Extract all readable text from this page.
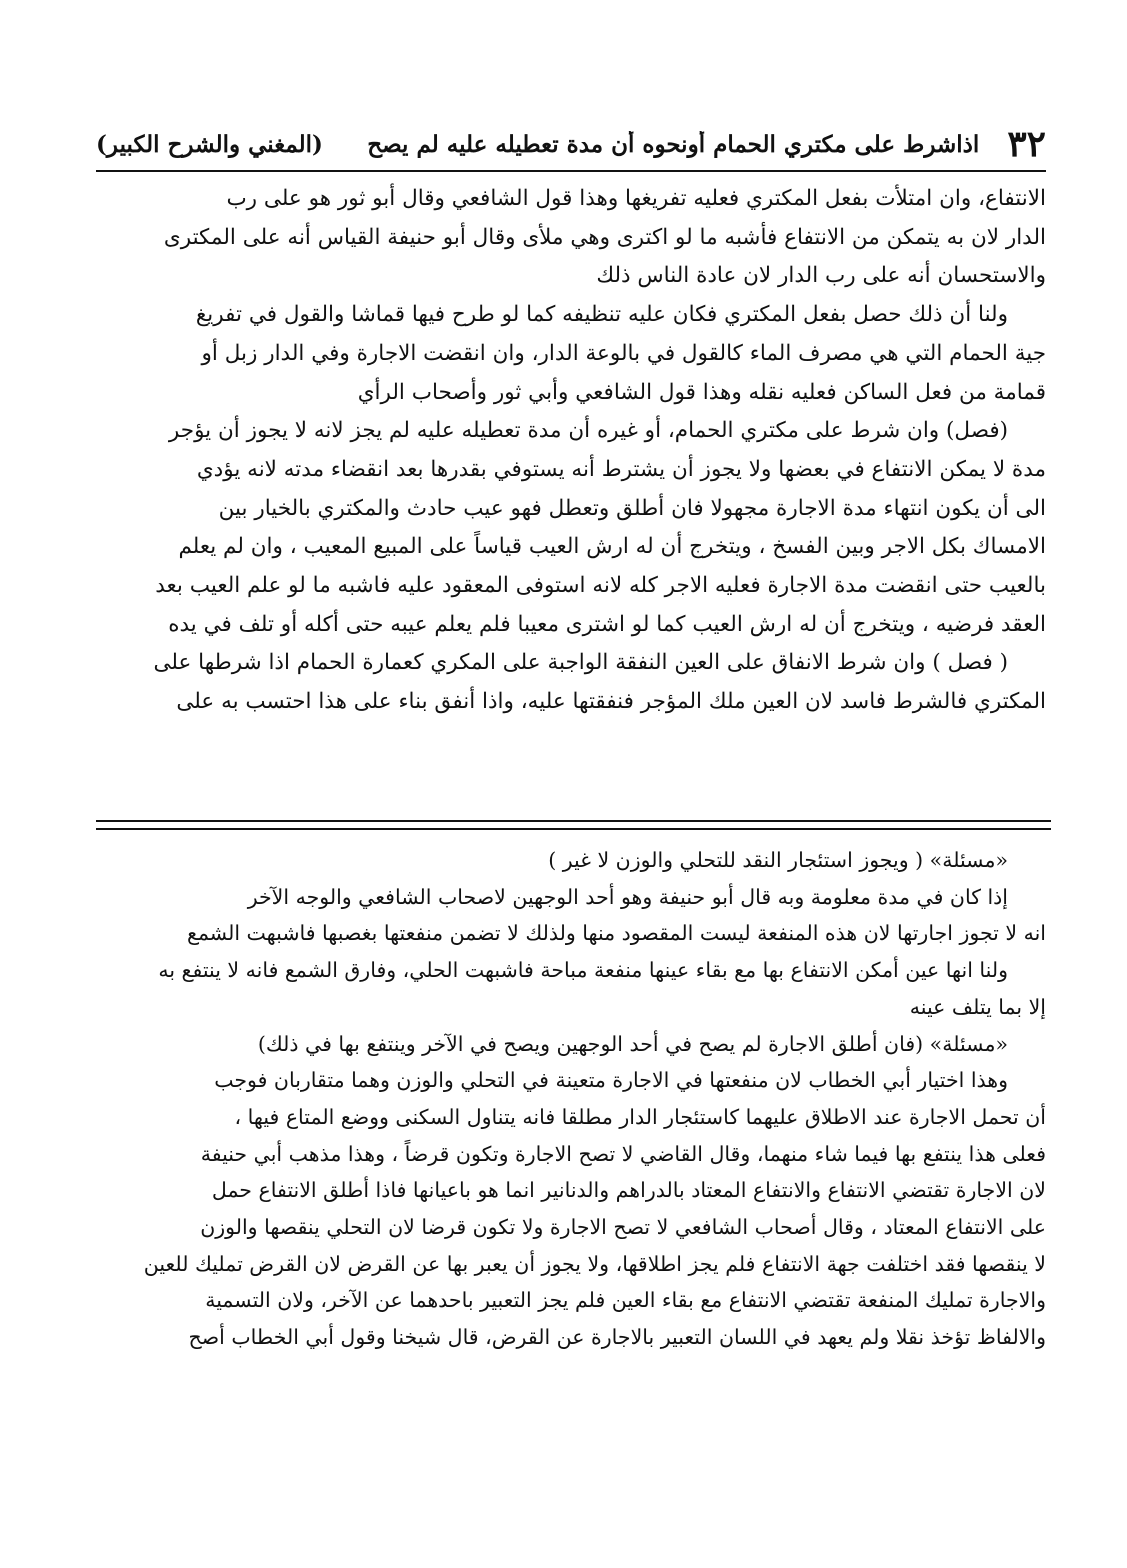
٣٢
اذاشرط على مكتري الحمام أونحوه أن مدة تعطيله عليه لم يصح
(المغني والشرح الكبير)
الانتفاع، وان امتلأت بفعل المكتري فعليه تفريغها وهذا قول الشافعي وقال أبو ثور هو على رب
الدار لان به يتمكن من الانتفاع فأشبه ما لو اكترى وهي ملأى وقال أبو حنيفة القياس أنه على المكترى
والاستحسان أنه على رب الدار لان عادة الناس ذلك
ولنا أن ذلك حصل بفعل المكتري فكان عليه تنظيفه كما لو طرح فيها قماشا والقول في تفريغ
جية الحمام التي هي مصرف الماء كالقول في بالوعة الدار، وان انقضت الاجارة وفي الدار زبل أو
قمامة من فعل الساكن فعليه نقله وهذا قول الشافعي وأبي ثور وأصحاب الرأي
(فصل) وان شرط على مكتري الحمام، أو غيره أن مدة تعطيله عليه لم يجز لانه لا يجوز أن يؤجر
مدة لا يمكن الانتفاع في بعضها ولا يجوز أن يشترط أنه يستوفي بقدرها بعد انقضاء مدته لانه يؤدي
الى أن يكون انتهاء مدة الاجارة مجهولا فان أطلق وتعطل فهو عيب حادث والمكتري بالخيار بين
الامساك بكل الاجر وبين الفسخ ، ويتخرج أن له ارش العيب قياساً على المبيع المعيب ، وان لم يعلم
بالعيب حتى انقضت مدة الاجارة فعليه الاجر كله لانه استوفى المعقود عليه فاشبه ما لو علم العيب بعد
العقد فرضيه ، ويتخرج أن له ارش العيب كما لو اشترى معيبا فلم يعلم عيبه حتى أكله أو تلف في يده
( فصل ) وان شرط الانفاق على العين النفقة الواجبة على المكري كعمارة الحمام اذا شرطها على
المكتري فالشرط فاسد لان العين ملك المؤجر فنفقتها عليه، واذا أنفق بناء على هذا احتسب به على
«مسئلة» ( ويجوز استئجار النقد للتحلي والوزن لا غير )
إذا كان في مدة معلومة وبه قال أبو حنيفة وهو أحد الوجهين لاصحاب الشافعي والوجه الآخر
انه لا تجوز اجارتها لان هذه المنفعة ليست المقصود منها ولذلك لا تضمن منفعتها بغصبها فاشبهت الشمع
ولنا انها عين أمكن الانتفاع بها مع بقاء عينها منفعة مباحة فاشبهت الحلي، وفارق الشمع فانه لا ينتفع به
إلا بما يتلف عينه
«مسئلة» (فان أطلق الاجارة لم يصح في أحد الوجهين ويصح في الآخر وينتفع بها في ذلك)
وهذا اختيار أبي الخطاب لان منفعتها في الاجارة متعينة في التحلي والوزن وهما متقاربان فوجب
أن تحمل الاجارة عند الاطلاق عليهما كاستئجار الدار مطلقا فانه يتناول السكنى ووضع المتاع فيها ،
فعلى هذا ينتفع بها فيما شاء منهما، وقال القاضي لا تصح الاجارة وتكون قرضاً ، وهذا مذهب أبي حنيفة
لان الاجارة تقتضي الانتفاع والانتفاع المعتاد بالدراهم والدنانير انما هو باعيانها فاذا أطلق الانتفاع حمل
على الانتفاع المعتاد ، وقال أصحاب الشافعي لا تصح الاجارة ولا تكون قرضا لان التحلي ينقصها والوزن
لا ينقصها فقد اختلفت جهة الانتفاع فلم يجز اطلاقها، ولا يجوز أن يعبر بها عن القرض لان القرض تمليك للعين
والاجارة تمليك المنفعة تقتضي الانتفاع مع بقاء العين فلم يجز التعبير باحدهما عن الآخر، ولان التسمية
والالفاظ تؤخذ نقلا ولم يعهد في اللسان التعبير بالاجارة عن القرض، قال شيخنا وقول أبي الخطاب أصح
